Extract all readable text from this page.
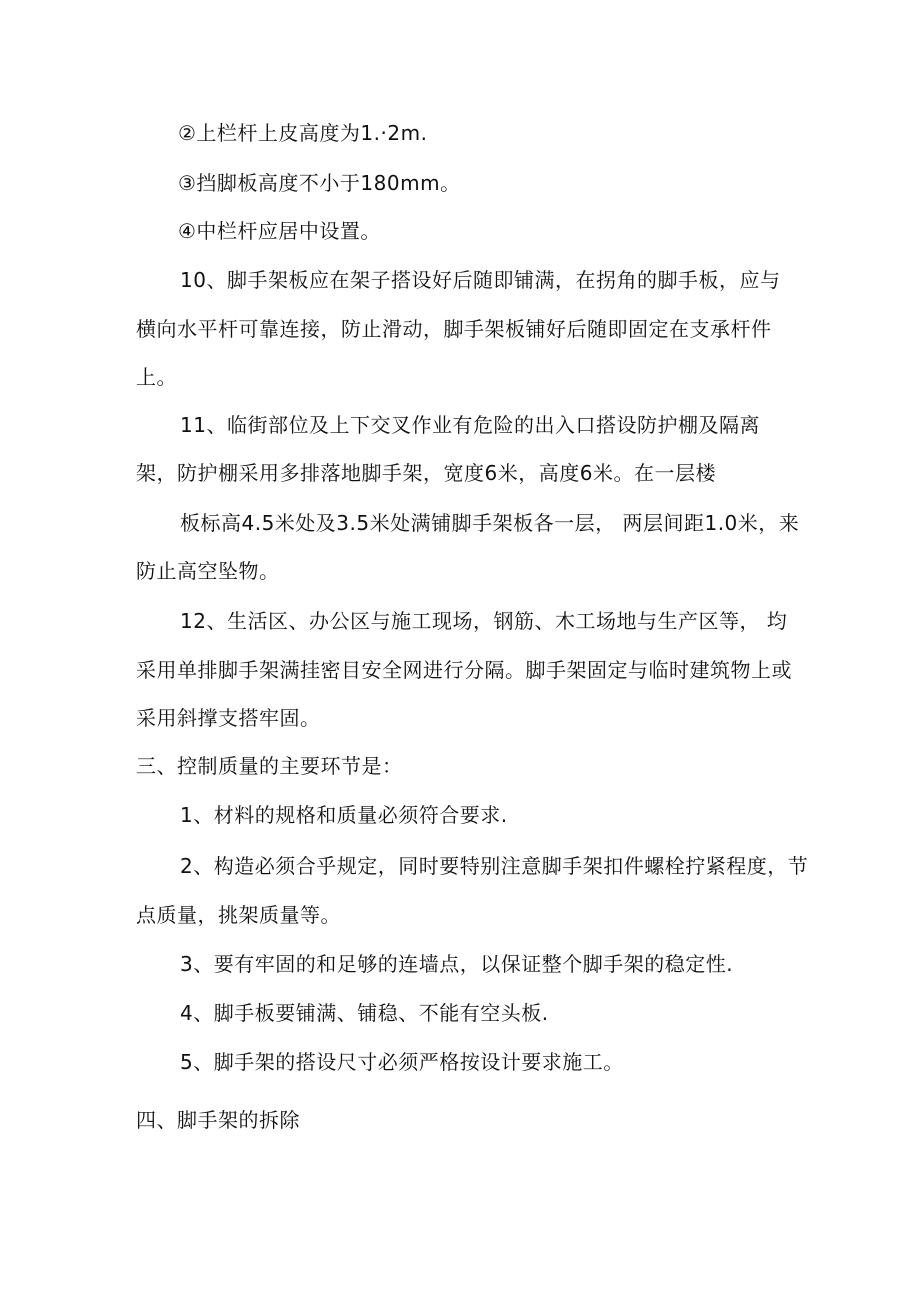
②上栏杆上皮高度为1.·2m.
③挡脚板高度不小于180mm。
④中栏杆应居中设置。
10、脚手架板应在架子搭设好后随即铺满，在拐角的脚手板，应与
横向水平杆可靠连接，防止滑动，脚手架板铺好后随即固定在支承杆件
上。
11、临街部位及上下交叉作业有危险的出入口搭设防护棚及隔离
架，防护棚采用多排落地脚手架，宽度6米，高度6米。在一层楼
板标高4.5米处及3.5米处满铺脚手架板各一层， 两层间距1.0米，来
防止高空坠物。
12、生活区、办公区与施工现场，钢筋、木工场地与生产区等， 均
采用单排脚手架满挂密目安全网进行分隔。脚手架固定与临时建筑物上或
采用斜撑支搭牢固。
三、控制质量的主要环节是：
1、材料的规格和质量必须符合要求.
2、构造必须合乎规定，同时要特别注意脚手架扣件螺栓拧紧程度，节
点质量，挑架质量等。
3、要有牢固的和足够的连墙点，以保证整个脚手架的稳定性.
4、脚手板要铺满、铺稳、不能有空头板.
5、脚手架的搭设尺寸必须严格按设计要求施工。
四、脚手架的拆除
